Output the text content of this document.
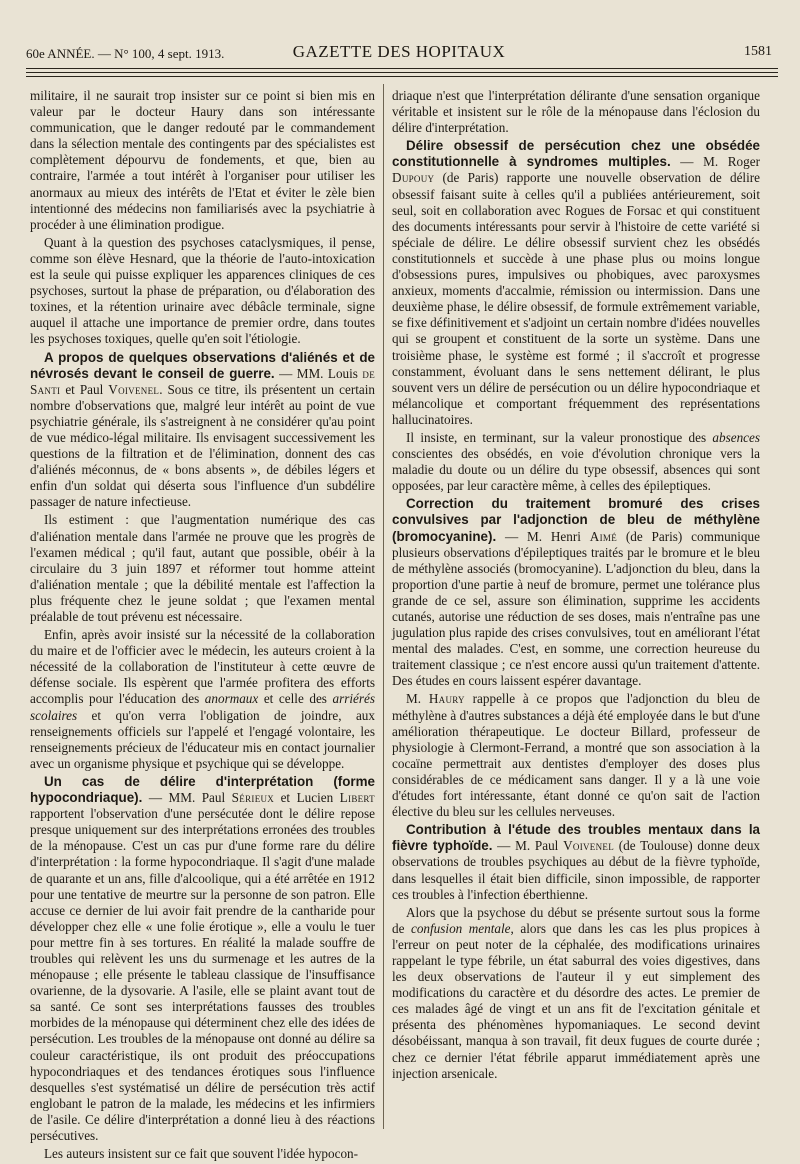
60e ANNÉE. — N° 100, 4 sept. 1913.	GAZETTE DES HOPITAUX	1581

militaire, il ne saurait trop insister sur ce point si bien mis en valeur par le docteur Haury dans son intéressante communication, que le danger redouté par le commandement dans la sélection mentale des contingents par des spécialistes est complètement dépourvu de fondements, et que, bien au contraire, l'armée a tout intérêt à l'organiser pour utiliser les anormaux au mieux des intérêts de l'Etat et éviter le zèle bien intentionné des médecins non familiarisés avec la psychiatrie à procéder à une élimination prodigue.

Quant à la question des psychoses cataclysmiques, il pense, comme son élève Hesnard, que la théorie de l'auto-intoxication est la seule qui puisse expliquer les apparences cliniques de ces psychoses, surtout la phase de préparation, ou d'élaboration des toxines, et la rétention urinaire avec débâcle terminale, signe auquel il attache une importance de premier ordre, dans toutes les psychoses toxiques, quelle qu'en soit l'étiologie.

A propos de quelques observations d'aliénés et de névrosés devant le conseil de guerre. — MM. Louis de Santi et Paul Voivenel. Sous ce titre, ils présentent un certain nombre d'observations que, malgré leur intérêt au point de vue psychiatrie générale, ils s'astreignent à ne considérer qu'au point de vue médico-légal militaire. Ils envisagent successivement les questions de la filtration et de l'élimination, donnent des cas d'aliénés méconnus, de « bons absents », de débiles légers et enfin d'un soldat qui déserta sous l'influence d'un subdélire passager de nature infectieuse.

Ils estiment : que l'augmentation numérique des cas d'aliénation mentale dans l'armée ne prouve que les progrès de l'examen médical ; qu'il faut, autant que possible, obéir à la circulaire du 3 juin 1897 et réformer tout homme atteint d'aliénation mentale ; que la débilité mentale est l'affection la plus fréquente chez le jeune soldat ; que l'examen mental préalable de tout prévenu est nécessaire.

Enfin, après avoir insisté sur la nécessité de la collaboration du maire et de l'officier avec le médecin, les auteurs croient à la nécessité de la collaboration de l'instituteur à cette œuvre de défense sociale. Ils espèrent que l'armée profitera des efforts accomplis pour l'éducation des anormaux et celle des arriérés scolaires et qu'on verra l'obligation de joindre, aux renseignements officiels sur l'appelé et l'engagé volontaire, les renseignements précieux de l'éducateur mis en contact journalier avec un organisme physique et psychique qui se développe.

Un cas de délire d'interprétation (forme hypocondriaque). — MM. Paul Sérieux et Lucien Libert rapportent l'observation d'une persécutée dont le délire repose presque uniquement sur des interprétations erronées des troubles de la ménopause. C'est un cas pur d'une forme rare du délire d'interprétation : la forme hypocondriaque. Il s'agit d'une malade de quarante et un ans, fille d'alcoolique, qui a été arrêtée en 1912 pour une tentative de meurtre sur la personne de son patron. Elle accuse ce dernier de lui avoir fait prendre de la cantharide pour développer chez elle « une folie érotique », elle a voulu le tuer pour mettre fin à ses tortures. En réalité la malade souffre de troubles qui relèvent les uns du surmenage et les autres de la ménopause ; elle présente le tableau classique de l'insuffisance ovarienne, de la dysovarie. A l'asile, elle se plaint avant tout de sa santé. Ce sont ses interprétations fausses des troubles morbides de la ménopause qui déterminent chez elle des idées de persécution. Les troubles de la ménopause ont donné au délire sa couleur caractéristique, ils ont produit des préoccupations hypocondriaques et des tendances érotiques sous l'influence desquelles s'est systématisé un délire de persécution très actif englobant le patron de la malade, les médecins et les infirmiers de l'asile. Ce délire d'interprétation a donné lieu à des réactions persécutives.

Les auteurs insistent sur ce fait que souvent l'idée hypocon-

driaque n'est que l'interprétation délirante d'une sensation organique véritable et insistent sur le rôle de la ménopause dans l'éclosion du délire d'interprétation.

Délire obsessif de persécution chez une obsédée constitutionnelle à syndromes multiples. — M. Roger Dupouy (de Paris) rapporte une nouvelle observation de délire obsessif faisant suite à celles qu'il a publiées antérieurement, soit seul, soit en collaboration avec Rogues de Forsac et qui constituent des documents intéressants pour servir à l'histoire de cette variété si spéciale de délire. Le délire obsessif survient chez les obsédés constitutionnels et succède à une phase plus ou moins longue d'obsessions pures, impulsives ou phobiques, avec paroxysmes anxieux, moments d'accalmie, rémission ou intermission. Dans une deuxième phase, le délire obsessif, de formule extrêmement variable, se fixe définitivement et s'adjoint un certain nombre d'idées nouvelles qui se groupent et constituent de la sorte un système. Dans une troisième phase, le système est formé ; il s'accroît et progresse constamment, évoluant dans le sens nettement délirant, le plus souvent vers un délire de persécution ou un délire hypocondriaque et mélancolique et comportant fréquemment des représentations hallucinatoires.

Il insiste, en terminant, sur la valeur pronostique des absences conscientes des obsédés, en voie d'évolution chronique vers la maladie du doute ou un délire du type obsessif, absences qui sont opposées, par leur caractère même, à celles des épileptiques.

Correction du traitement bromuré des crises convulsives par l'adjonction de bleu de méthylène (bromocyanine). — M. Henri Aimé (de Paris) communique plusieurs observations d'épileptiques traités par le bromure et le bleu de méthylène associés (bromocyanine). L'adjonction du bleu, dans la proportion d'une partie à neuf de bromure, permet une tolérance plus grande de ce sel, assure son élimination, supprime les accidents cutanés, autorise une réduction de ses doses, mais n'entraîne pas une jugulation plus rapide des crises convulsives, tout en améliorant l'état mental des malades. C'est, en somme, une correction heureuse du traitement classique ; ce n'est encore aussi qu'un traitement d'attente. Des études en cours laissent espérer davantage.

M. Haury rappelle à ce propos que l'adjonction du bleu de méthylène à d'autres substances a déjà été employée dans le but d'une amélioration thérapeutique. Le docteur Billard, professeur de physiologie à Clermont-Ferrand, a montré que son association à la cocaïne permettrait aux dentistes d'employer des doses plus considérables de ce médicament sans danger. Il y a là une voie d'études fort intéressante, étant donné ce qu'on sait de l'action élective du bleu sur les cellules nerveuses.

Contribution à l'étude des troubles mentaux dans la fièvre typhoïde. — M. Paul Voivenel (de Toulouse) donne deux observations de troubles psychiques au début de la fièvre typhoïde, dans lesquelles il était bien difficile, sinon impossible, de rapporter ces troubles à l'infection éberthienne.

Alors que la psychose du début se présente surtout sous la forme de confusion mentale, alors que dans les cas les plus propices à l'erreur on peut noter de la céphalée, des modifications urinaires rappelant le type fébrile, un état saburral des voies digestives, dans les deux observations de l'auteur il y eut simplement des modifications du caractère et du désordre des actes. Le premier de ces malades âgé de vingt et un ans fit de l'excitation génitale et présenta des phénomènes hypomaniaques. Le second devint désobéissant, manqua à son travail, fit deux fugues de courte durée ; chez ce dernier l'état fébrile apparut immédiatement après une injection arsenicale.
